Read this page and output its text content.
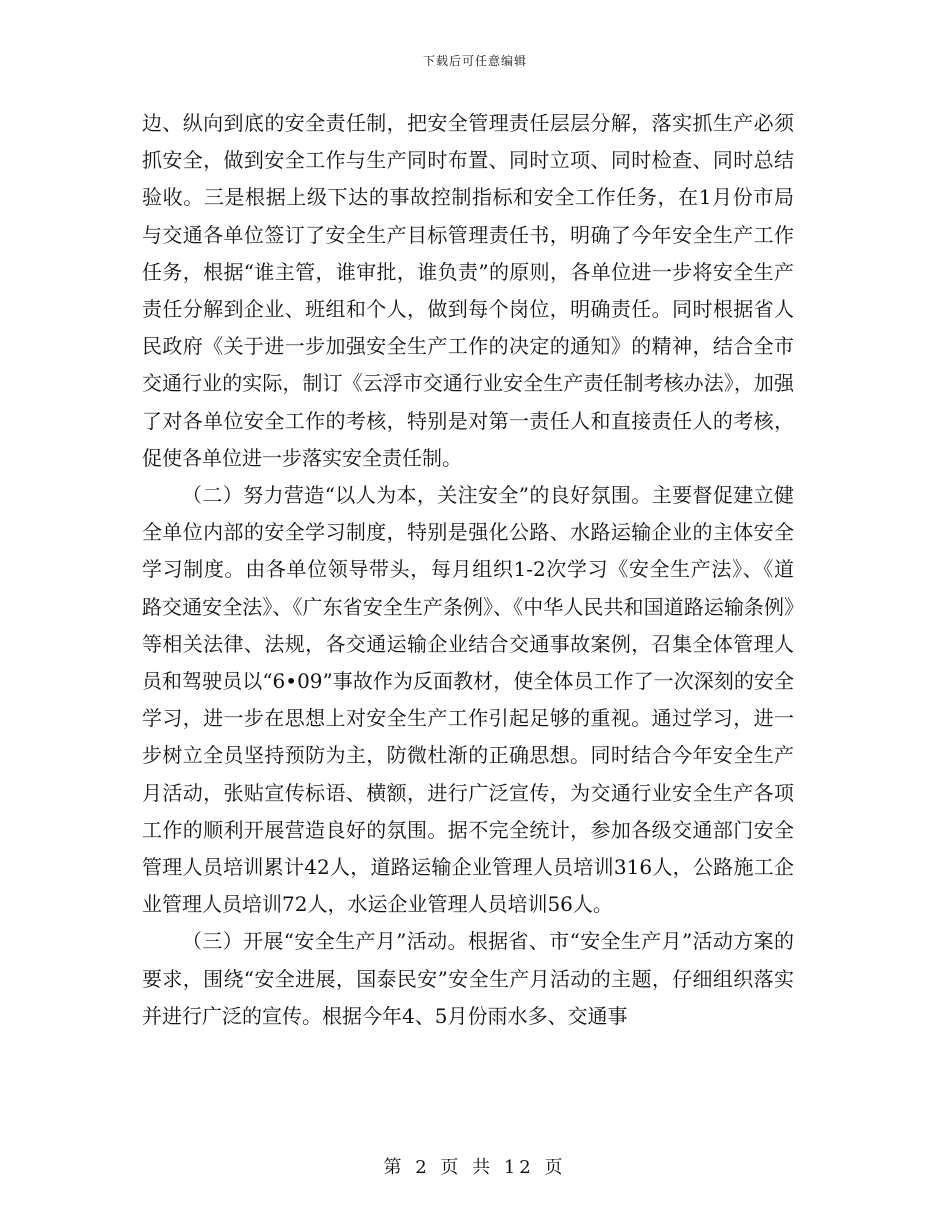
下载后可任意编辑

边、纵向到底的安全责任制，把安全管理责任层层分解，落实抓生产必须抓安全，做到安全工作与生产同时布置、同时立项、同时检查、同时总结验收。三是根据上级下达的事故控制指标和安全工作任务，在1月份市局与交通各单位签订了安全生产目标管理责任书，明确了今年安全生产工作任务，根据“谁主管，谁审批，谁负责”的原则，各单位进一步将安全生产责任分解到企业、班组和个人，做到每个岗位，明确责任。同时根据省人民政府《关于进一步加强安全生产工作的决定的通知》的精神，结合全市交通行业的实际，制订《云浮市交通行业安全生产责任制考核办法》，加强了对各单位安全工作的考核，特别是对第一责任人和直接责任人的考核，促使各单位进一步落实安全责任制。

（二）努力营造“以人为本，关注安全”的良好氛围。主要督促建立健全单位内部的安全学习制度，特别是强化公路、水路运输企业的主体安全学习制度。由各单位领导带头，每月组织1-2次学习《安全生产法》、《道路交通安全法》、《广东省安全生产条例》、《中华人民共和国道路运输条例》等相关法律、法规，各交通运输企业结合交通事故案例，召集全体管理人员和驾驶员以“6•09”事故作为反面教材，使全体员工作了一次深刻的安全学习，进一步在思想上对安全生产工作引起足够的重视。通过学习，进一步树立全员坚持预防为主，防微杜渐的正确思想。同时结合今年安全生产月活动，张贴宣传标语、横额，进行广泛宣传，为交通行业安全生产各项工作的顺利开展营造良好的氛围。据不完全统计，参加各级交通部门安全管理人员培训累计42人，道路运输企业管理人员培训316人，公路施工企业管理人员培训72人，水运企业管理人员培训56人。

（三）开展“安全生产月”活动。根据省、市“安全生产月”活动方案的要求，围绕“安全进展，国泰民安”安全生产月活动的主题，仔细组织落实并进行广泛的宣传。根据今年4、5月份雨水多、交通事

第 2 页 共 12 页
